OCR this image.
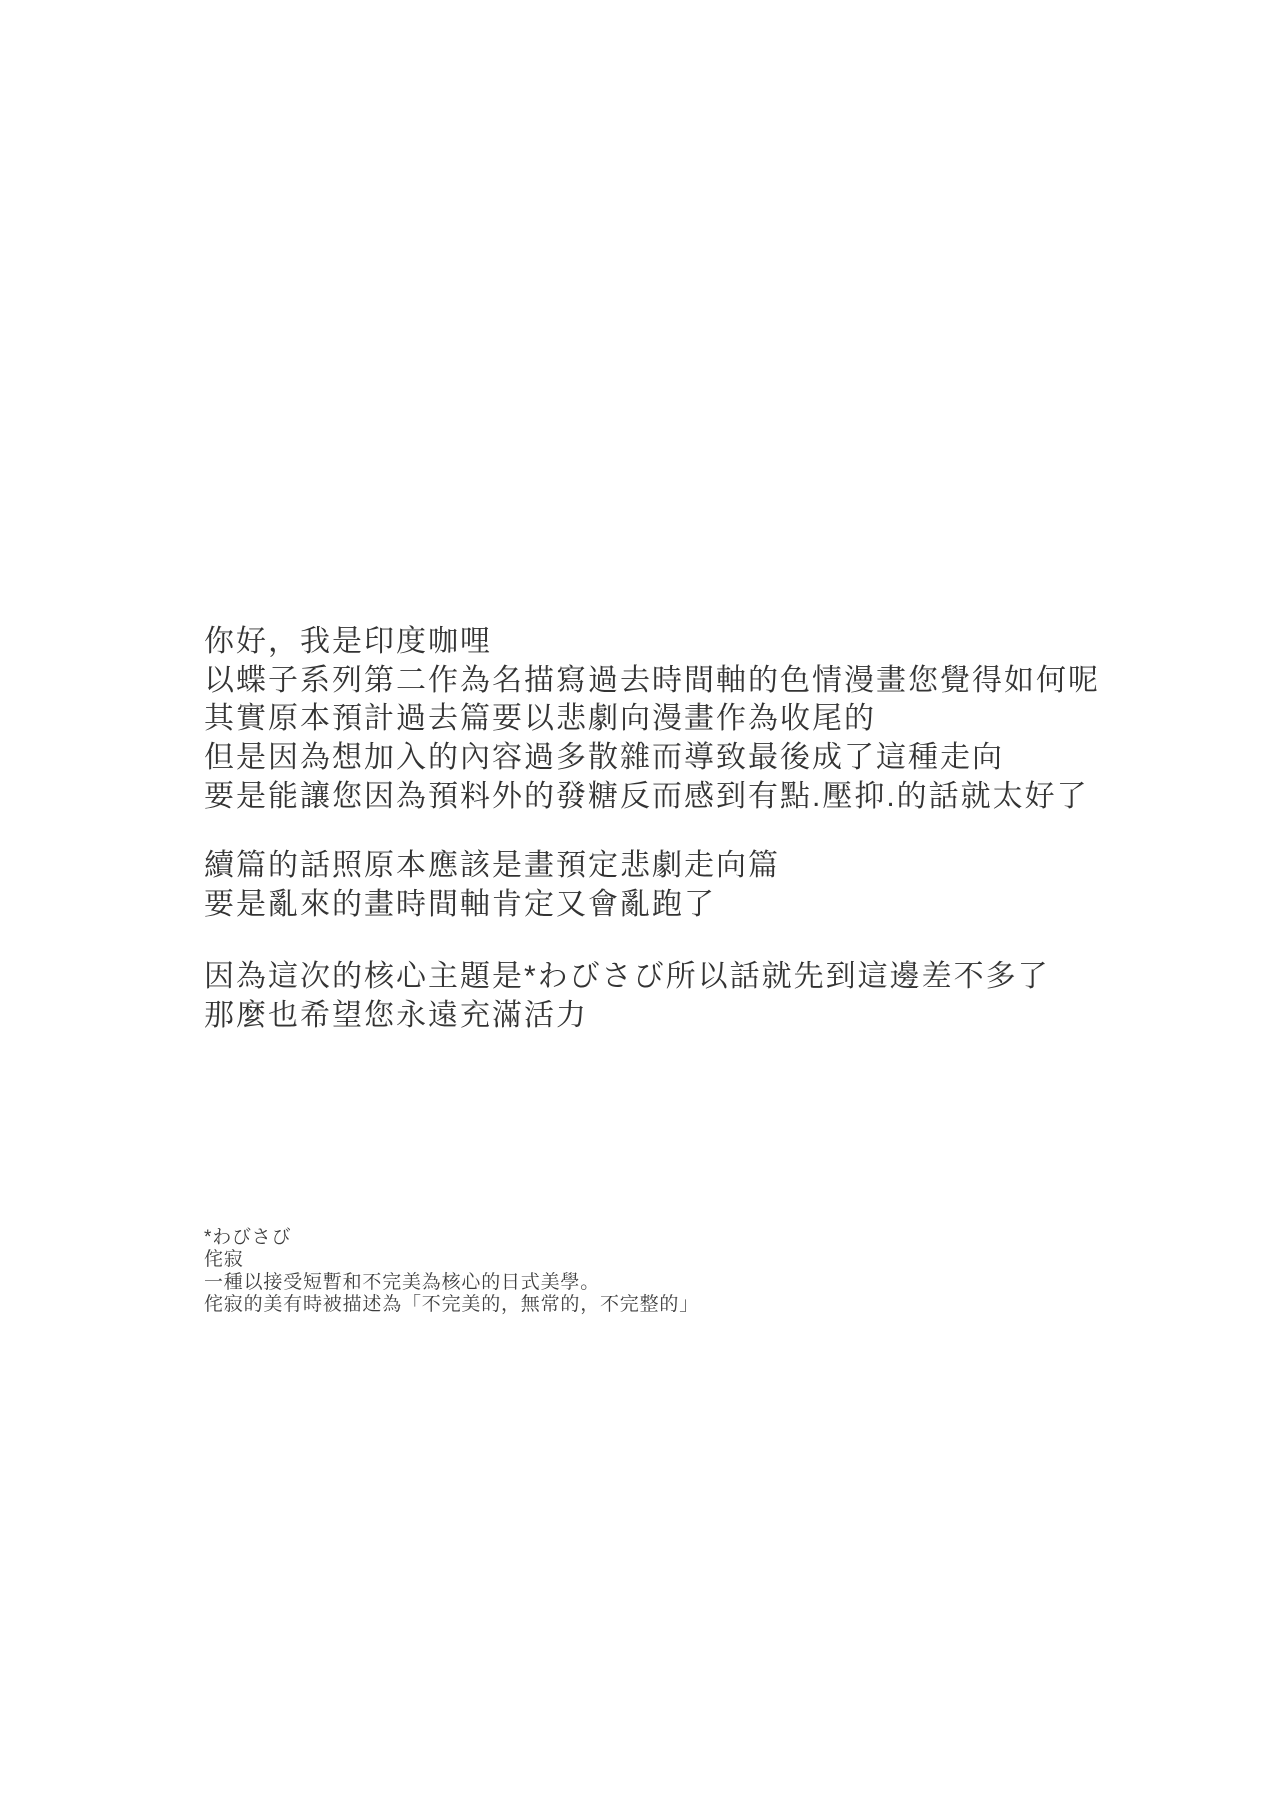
你好，我是印度咖哩
以蝶子系列第二作為名描寫過去時間軸的色情漫畫您覺得如何呢
其實原本預計過去篇要以悲劇向漫畫作為收尾的
但是因為想加入的內容過多散雜而導致最後成了這種走向
要是能讓您因為預料外的發糖反而感到有點.壓抑.的話就太好了
續篇的話照原本應該是畫預定悲劇走向篇
要是亂來的畫時間軸肯定又會亂跑了
因為這次的核心主題是*わびさび所以話就先到這邊差不多了
那麼也希望您永遠充滿活力
*わびさび
侘寂
一種以接受短暫和不完美為核心的日式美學。
侘寂的美有時被描述為「不完美的，無常的，不完整的」
